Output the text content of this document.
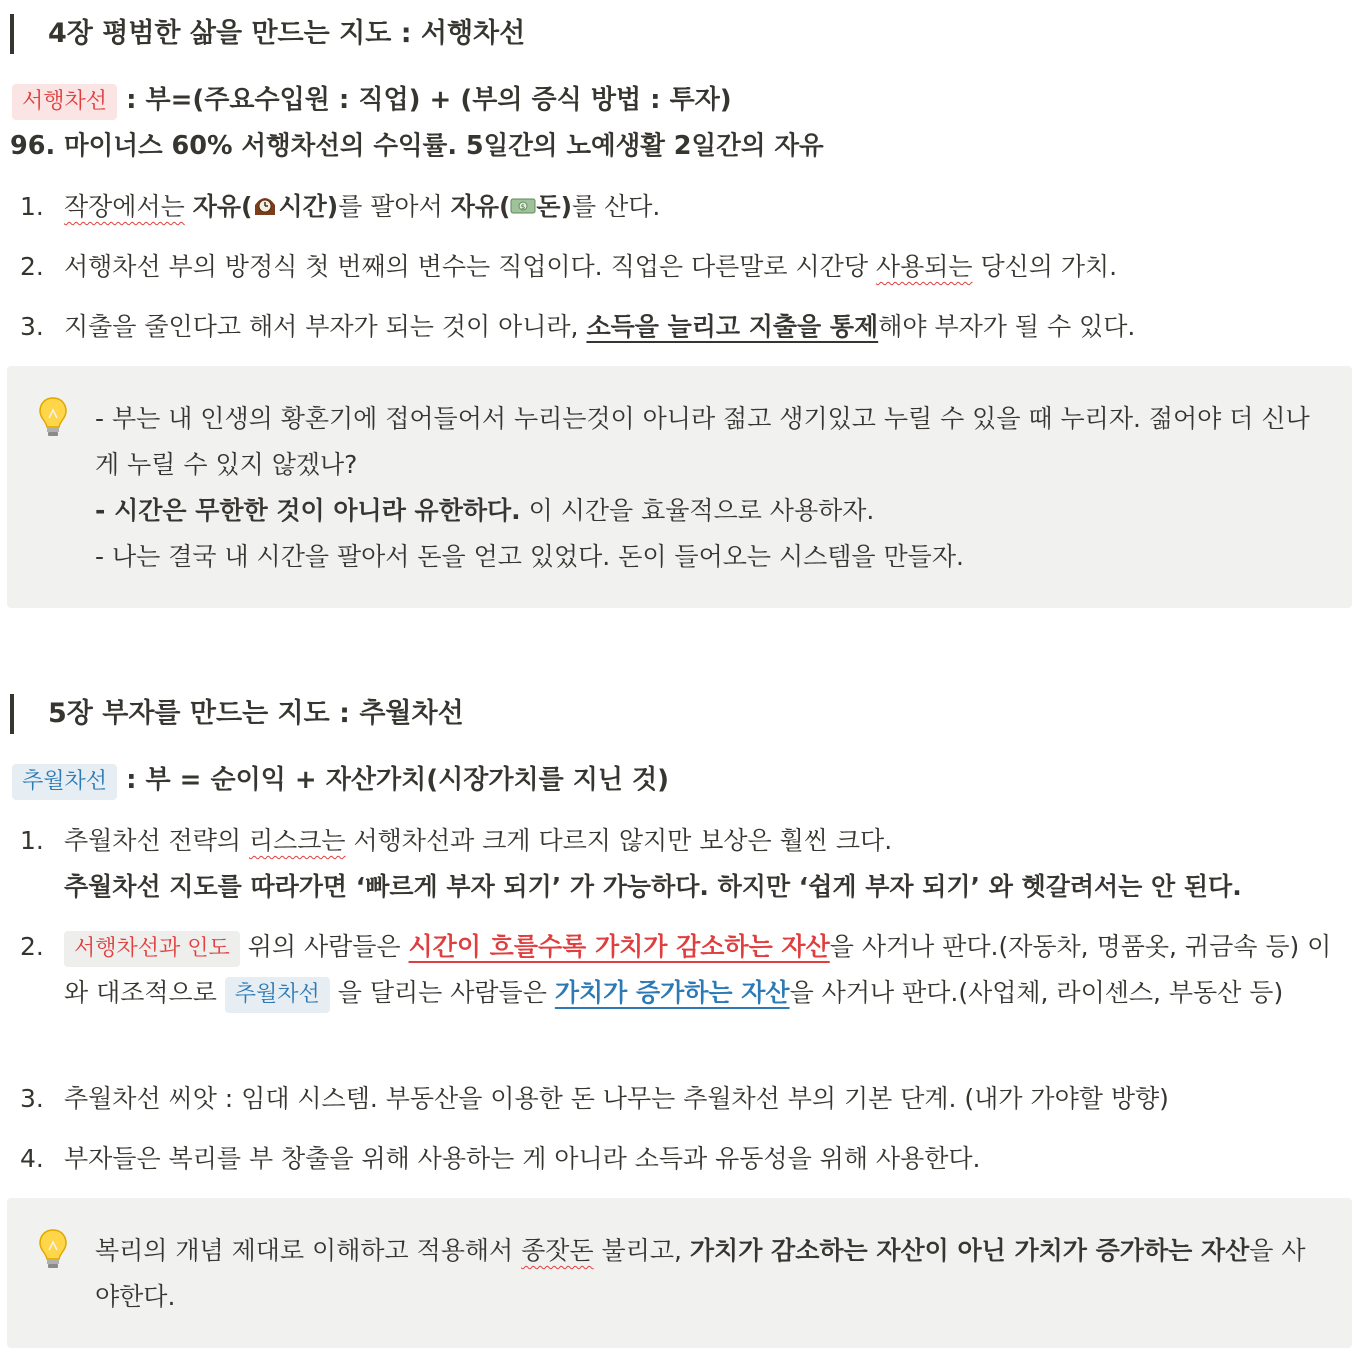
4장 평범한 삶을 만드는 지도 : 서행차선
서행차선 : 부=(주요수입원 : 직업) + (부의 증식 방법 : 투자)
96. 마이너스 60% 서행차선의 수익률. 5일간의 노예생활 2일간의 자유
1. 작장에서는 자유( 시간)를 팔아서 자유( $ 돈)를 산다.
2. 서행차선 부의 방정식 첫 번째의 변수는 직업이다. 직업은 다른말로 시간당 사용되는 당신의 가치.
3. 지출을 줄인다고 해서 부자가 되는 것이 아니라, 소득을 늘리고 지출을 통제해야 부자가 될 수 있다.
- 부는 내 인생의 황혼기에 접어들어서 누리는것이 아니라 젊고 생기있고 누릴 수 있을 때 누리자. 젊어야 더 신나게 누릴 수 있지 않겠나?
- 시간은 무한한 것이 아니라 유한하다. 이 시간을 효율적으로 사용하자.
- 나는 결국 내 시간을 팔아서 돈을 얻고 있었다. 돈이 들어오는 시스템을 만들자.
5장 부자를 만드는 지도 : 추월차선
추월차선 : 부 = 순이익 + 자산가치(시장가치를 지닌 것)
1. 추월차선 전략의 리스크는 서행차선과 크게 다르지 않지만 보상은 훨씬 크다.
추월차선 지도를 따라가면 ‘빠르게 부자 되기’ 가 가능하다. 하지만 ‘쉽게 부자 되기’ 와 헷갈려서는 안 된다.
2.	서행차선과 인도 위의 사람들은 시간이 흐를수록 가치가 감소하는 자산을 사거나 판다.(자동차, 명품옷, 귀금속 등) 이와 대조적으로 추월차선 을 달리는 사람들은 가치가 증가하는 자산을 사거나 판다.(사업체, 라이센스, 부동산 등)
3. 추월차선 씨앗 : 임대 시스템. 부동산을 이용한 돈 나무는 추월차선 부의 기본 단계. (내가 가야할 방향)
4. 부자들은 복리를 부 창출을 위해 사용하는 게 아니라 소득과 유동성을 위해 사용한다.
복리의 개념 제대로 이해하고 적용해서 종잣돈 불리고, 가치가 감소하는 자산이 아닌 가치가 증가하는 자산을 사야한다.
